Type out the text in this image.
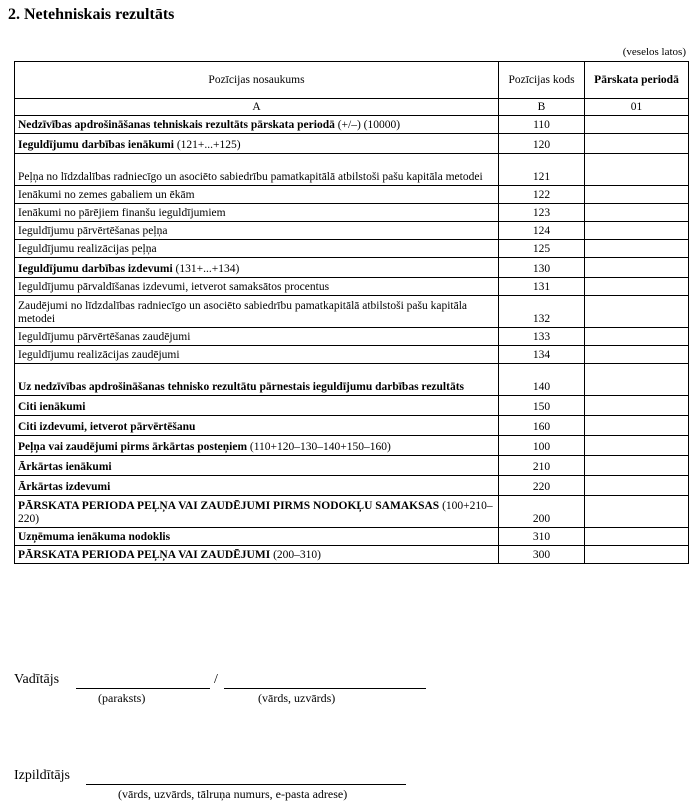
2. Netehniskais rezultāts
(veselos latos)
Pozīcijas nosaukums	Pozīcijas kods	Pārskata periodā
A	B	01
Nedzīvības apdrošināšanas tehniskais rezultāts pārskata periodā (+/–) (10000)	110	
Ieguldījumu darbības ienākumi (121+...+125)	120	
Peļņa no līdzdalības radniecīgo un asociēto sabiedrību pamatkapitālā atbilstoši pašu kapitāla metodei	121	
Ienākumi no zemes gabaliem un ēkām	122	
Ienākumi no pārējiem finanšu ieguldījumiem	123	
Ieguldījumu pārvērtēšanas peļņa	124	
Ieguldījumu realizācijas peļņa	125	
Ieguldījumu darbības izdevumi (131+...+134)	130	
Ieguldījumu pārvaldīšanas izdevumi, ietverot samaksātos procentus	131	
Zaudējumi no līdzdalības radniecīgo un asociēto sabiedrību pamatkapitālā atbilstoši pašu kapitāla metodei	132	
Ieguldījumu pārvērtēšanas zaudējumi	133	
Ieguldījumu realizācijas zaudējumi	134	
Uz nedzīvības apdrošināšanas tehnisko rezultātu pārnestais ieguldījumu darbības rezultāts	140	
Citi ienākumi	150	
Citi izdevumi, ietverot pārvērtēšanu	160	
Peļņa vai zaudējumi pirms ārkārtas posteņiem (110+120–130–140+150–160)	100	
Ārkārtas ienākumi	210	
Ārkārtas izdevumi	220	
PĀRSKATA PERIODA PEĻŅA VAI ZAUDĒJUMI PIRMS NODOKĻU SAMAKSAS (100+210–220)	200	
Uzņēmuma ienākuma nodoklis	310	
PĀRSKATA PERIODA PEĻŅA VAI ZAUDĒJUMI (200–310)	300	
Vadītājs	/
(paraksts)	(vārds, uzvārds)
Izpildītājs
(vārds, uzvārds, tālruņa numurs, e-pasta adrese)
